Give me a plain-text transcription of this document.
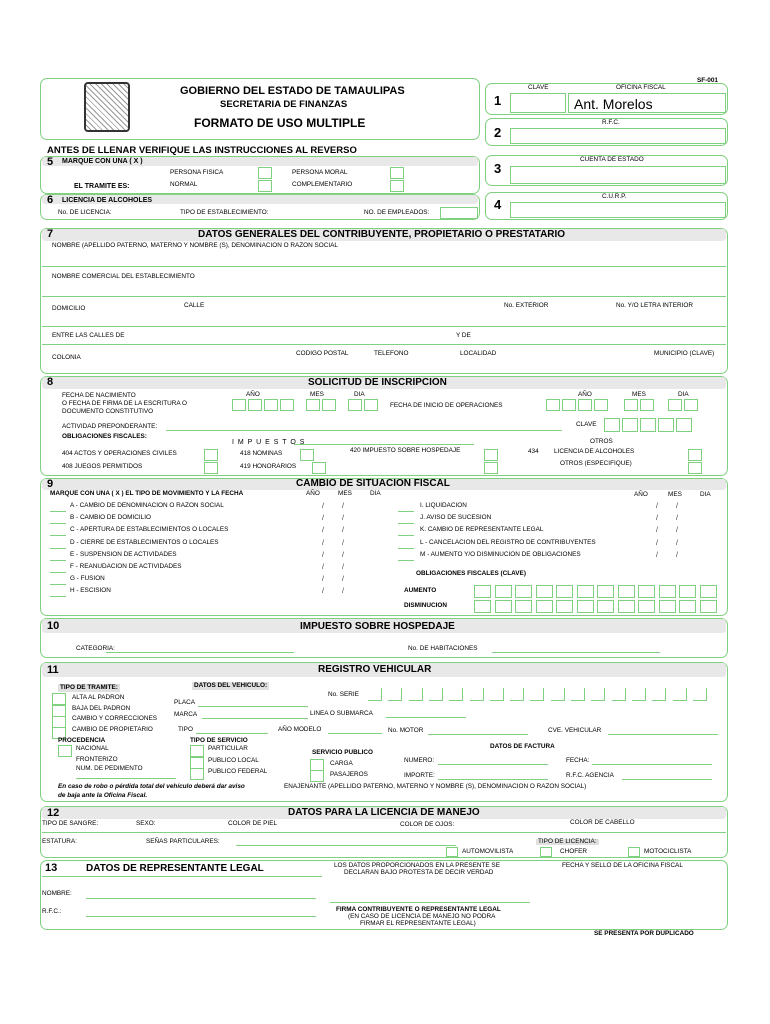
SF-001
GOBIERNO DEL ESTADO DE TAMAULIPAS
SECRETARIA DE FINANZAS
FORMATO DE USO MULTIPLE
ANTES DE LLENAR VERIFIQUE LAS INSTRUCCIONES AL REVERSO
1
CLAVE	OFICINA FISCAL
Ant. Morelos
2
R.F.C.
3
CUENTA DE ESTADO
4
C.U.R.P.
5 MARQUE CON UNA ( X )
PERSONA FISICA	PERSONA MORAL
EL TRAMITE ES:	NORMAL	COMPLEMENTARIO
6 LICENCIA DE ALCOHOLES
No. DE LICENCIA:	TIPO DE ESTABLECIMIENTO:	NO. DE EMPLEADOS:
7	DATOS GENERALES DEL CONTRIBUYENTE, PROPIETARIO O PRESTATARIO
NOMBRE (APELLIDO PATERNO, MATERNO Y NOMBRE (S), DENOMINACION O RAZON SOCIAL
NOMBRE COMERCIAL DEL ESTABLECIMIENTO
DOMICILIO	CALLE	No. EXTERIOR	No. Y/O LETRA INTERIOR
ENTRE LAS CALLES DE	Y DE
COLONIA
CODIGO POSTAL	TELEFONO	LOCALIDAD	MUNICIPIO (CLAVE)
8	SOLICITUD DE INSCRIPCION
FECHA DE NACIMIENTO
O FECHA DE FIRMA DE LA ESCRITURA O
DOCUMENTO CONSTITUTIVO
AÑO	MES	DIA
FECHA DE INICIO DE OPERACIONES
AÑO	MES	DIA
ACTIVIDAD PREPONDERANTE:	CLAVE
OBLIGACIONES FISCALES:
I M P U E S T O S	OTROS
404 ACTOS Y OPERACIONES CIVILES
408 JUEGOS PERMITIDOS
418 NOMINAS
419 HONORARIOS
420 IMPUESTO SOBRE HOSPEDAJE	434 LICENCIA DE ALCOHOLES
OTROS (ESPECIFIQUE)
9	CAMBIO DE SITUACION FISCAL
MARQUE CON UNA ( X ) EL TIPO DE MOVIMIENTO Y LA FECHA	AÑO	MES	DIA	AÑO	MES	DIA
OBLIGACIONES FISCALES (CLAVE)
AUMENTO
DISMINUCION
10	IMPUESTO SOBRE HOSPEDAJE
CATEGORIA:	No. DE HABITACIONES
11	REGISTRO VEHICULAR
TIPO DE TRAMITE:	DATOS DEL VEHICULO:
ALTA AL PADRON
BAJA DEL PADRON
CAMBIO Y CORRECCIONES
CAMBIO DE PROPIETARIO
PLACA
MARCA
TIPO	AÑO MODELO
No. SERIE
LINEA O SUBMARCA
No. MOTOR	CVE. VEHICULAR
PROCEDENCIA
NACIONAL
FRONTERIZO
NUM. DE PEDIMENTO
TIPO DE SERVICIO
PARTICULAR
PUBLICO LOCAL
PUBLICO FEDERAL
SERVICIO PUBLICO
CARGA
PASAJEROS
DATOS DE FACTURA
NUMERO:	FECHA:
IMPORTE:	R.F.C. AGENCIA
En caso de robo o pérdida total del vehículo deberá dar aviso
de baja ante la Oficina Fiscal.
ENAJENANTE (APELLIDO PATERNO, MATERNO Y NOMBRE (S), DENOMINACION O RAZON SOCIAL)
12	DATOS PARA LA LICENCIA DE MANEJO
TIPO DE SANGRE:	SEXO:	COLOR DE PIEL	COLOR DE OJOS:	COLOR DE CABELLO
ESTATURA:	SEÑAS PARTICULARES:	TIPO DE LICENCIA:
AUTOMOVILISTA	CHOFER	MOTOCICLISTA
13	DATOS DE REPRESENTANTE LEGAL
NOMBRE:
R.F.C.:
LOS DATOS PROPORCIONADOS EN LA PRESENTE SE
DECLARAN BAJO PROTESTA DE DECIR VERDAD
FECHA Y SELLO DE LA OFICINA FISCAL
FIRMA CONTRIBUYENTE O REPRESENTANTE LEGAL
(EN CASO DE LICENCIA DE MANEJO NO PODRA
FIRMAR EL REPRESENTANTE LEGAL)
SE PRESENTA POR DUPLICADO
A - CAMBIO DE DENOMINACION O RAZON SOCIAL	//
B - CAMBIO DE DOMICILIO	//
C - APERTURA DE ESTABLECIMIENTOS O LOCALES	//
D - CIERRE DE ESTABLECIMIENTOS O LOCALES	//
E - SUSPENSION DE ACTIVIDADES	//
F - REANUDACION DE ACTIVIDADES	//
G - FUSION	//
H - ESCISION	//
I. LIQUIDACION	//
J. AVISO DE SUCESION	//
K. CAMBIO DE REPRESENTANTE LEGAL	//
L - CANCELACION DEL REGISTRO DE CONTRIBUYENTES	//
M - AUMENTO Y/O DISMINUCION DE OBLIGACIONES	//
